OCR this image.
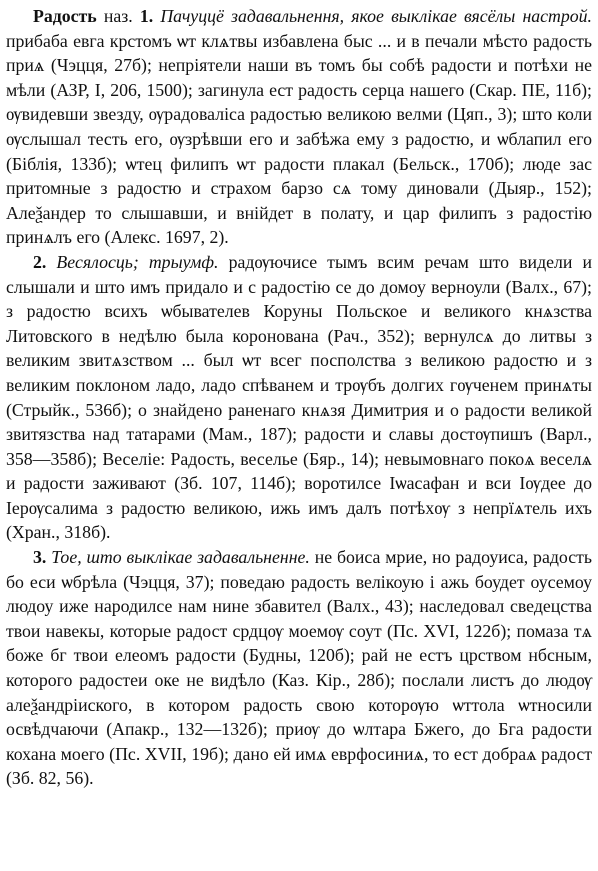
Радость наз. 1. Пачуццё задавальнення, якое выклікае вясёлы настрой. прибаба евга крстомъ ѡт клѧтвы избавлена быс ... и в печали мѣсто радость приѧ (Чэцця, 27б); непріятели наши въ томъ бы собѣ радости и потѣхи не мѣли (АЗР, І, 206, 1500); загинула ест радость серца нашего (Скар. ПЕ, 11б); ѹвидевши звезду, ѹрадоваліса радостью великою велми (Цяп., 3); што коли ѹслышал тесть его, ѹзрѣвши его и забѣжа ему з радостю, и ѡблапил его (Біблія, 133б); ѡтец филипъ ѡт радости плакал (Бельск., 170б); люде зас притомные з радостю и страхом барзо сѧ тому диновали (Дыяр., 152); Алеѯандер то слышавши, и внійдет в полату, и цар филипъ з радостію принѧлъ его (Алекс. 1697, 2).

2. Весялосць; трыумф. радѹючисе тымъ всим речам што видели и слышали и што имъ придало и с радостію се до домоу верноули (Валх., 67); з радостю всихъ ѡбывателев Коруны Польское и великого кнѧзства Литовского в недѣлю была коронована (Рач., 352); вернулсѧ до литвы з великим звитѧзством ... был ѡт всег посполства з великою радостю и з великим поклоном ладо, ладо спѣванем и трѹбъ долгих гѹченем принѧты (Стрыйк., 536б); о знайдено раненаго кнѧзя Димитрия и о радости великой звитязства над татарами (Мам., 187); радости и славы достѹпишъ (Варл., 358—358б); Веселіе: Радость, веселье (Бяр., 14); невымовнаго покоѧ веселѧ и радости заживают (Зб. 107, 114б); воротилсе Іѡасафан и вси Іѹдее до Іерѹсалима з радостю великою, ижь имъ далъ потѣхѹ з непрїѧтель ихъ (Хран., 318б).

3. Тое, што выклікае задавальненне. не боиса мрие, но радоуиса, радость бо еси ѡбрѣла (Чэцця, 37); поведаю радость велікоую і ажь боудет оусемоу людоу иже народилсе нам нине збавител (Валх., 43); наследовал сведецства твои навекы, которые радост срдцѹ моемѹ соут (Пс. XVI, 122б); помаза тѧ боже бг твои елеомъ радости (Будны, 120б); рай не естъ црством нбсным, которого радостеи оке не видѣло (Каз. Кір., 28б); послали листъ до людѹ алеѯандріиского, в котором радость свою которѹю ѡттола ѡтносили освѣдчаючи (Апакр., 132—132б); приѹ до ѡлтара Бжего, до Бга радости кохана моего (Пс. XVII, 19б); дано ей имѧ еврфосиниѧ, то ест добраѧ радост (Зб. 82, 56).
